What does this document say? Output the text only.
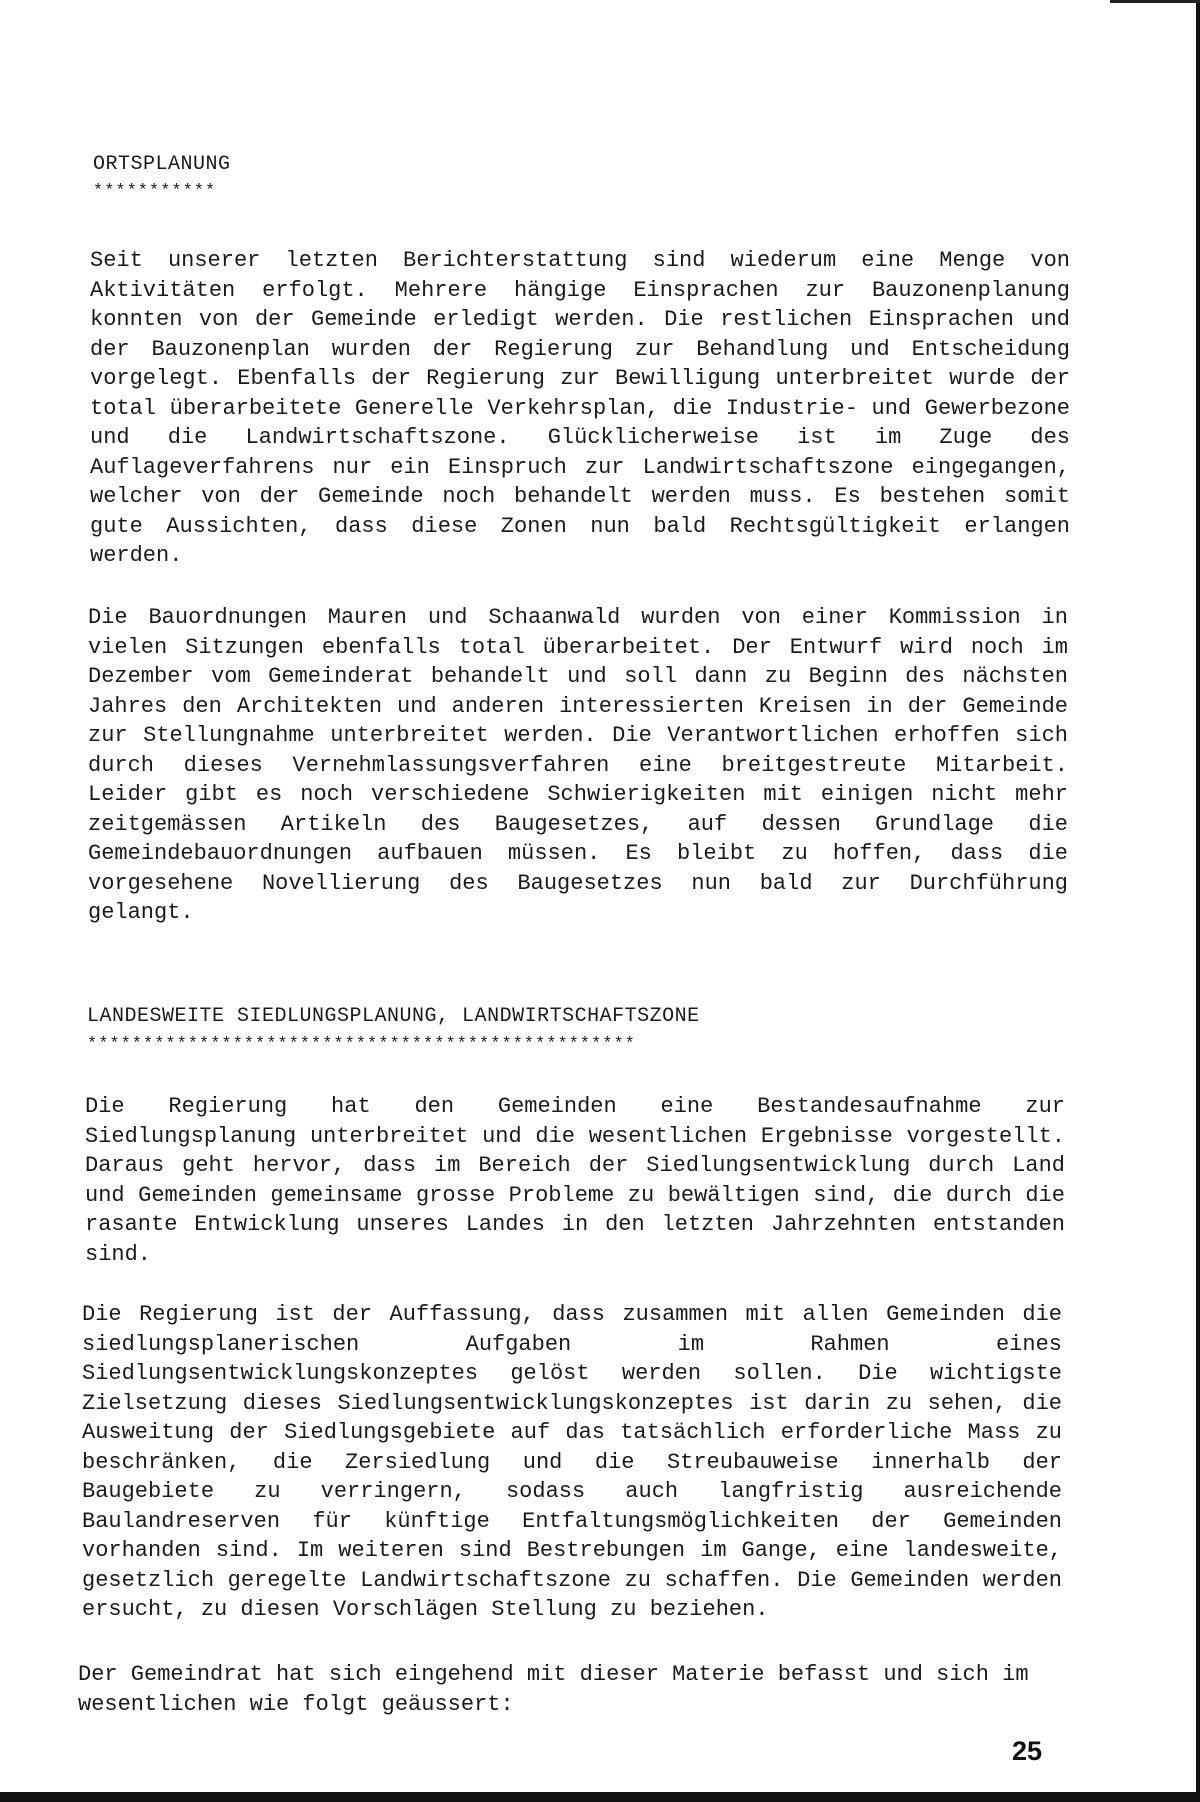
ORTSPLANUNG
***********

Seit unserer letzten Berichterstattung sind wiederum eine Menge von Aktivitäten erfolgt. Mehrere hängige Einsprachen zur Bauzonenplanung konnten von der Gemeinde erledigt werden. Die restlichen Einsprachen und der Bauzonenplan wurden der Regierung zur Behandlung und Entscheidung vorgelegt. Ebenfalls der Regierung zur Bewilligung unterbreitet wurde der total überarbeitete Generelle Verkehrsplan, die Industrie- und Gewerbezone und die Landwirtschaftszone. Glücklicherweise ist im Zuge des Auflageverfahrens nur ein Einspruch zur Landwirtschaftszone eingegangen, welcher von der Gemeinde noch behandelt werden muss. Es bestehen somit gute Aussichten, dass diese Zonen nun bald Rechtsgültigkeit erlangen werden.

Die Bauordnungen Mauren und Schaanwald wurden von einer Kommission in vielen Sitzungen ebenfalls total überarbeitet. Der Entwurf wird noch im Dezember vom Gemeinderat behandelt und soll dann zu Beginn des nächsten Jahres den Architekten und anderen interessierten Kreisen in der Gemeinde zur Stellungnahme unterbreitet werden. Die Verantwortlichen erhoffen sich durch dieses Vernehmlassungsverfahren eine breitgestreute Mitarbeit. Leider gibt es noch verschiedene Schwierigkeiten mit einigen nicht mehr zeitgemässen Artikeln des Baugesetzes, auf dessen Grundlage die Gemeindebauordnungen aufbauen müssen. Es bleibt zu hoffen, dass die vorgesehene Novellierung des Baugesetzes nun bald zur Durchführung gelangt.

LANDESWEITE SIEDLUNGSPLANUNG, LANDWIRTSCHAFTSZONE
*************************************************

Die Regierung hat den Gemeinden eine Bestandesaufnahme zur Siedlungsplanung unterbreitet und die wesentlichen Ergebnisse vorgestellt. Daraus geht hervor, dass im Bereich der Siedlungsentwicklung durch Land und Gemeinden gemeinsame grosse Probleme zu bewältigen sind, die durch die rasante Entwicklung unseres Landes in den letzten Jahrzehnten entstanden sind.

Die Regierung ist der Auffassung, dass zusammen mit allen Gemeinden die siedlungsplanerischen Aufgaben im Rahmen eines Siedlungsentwicklungskonzeptes gelöst werden sollen. Die wichtigste Zielsetzung dieses Siedlungsentwicklungskonzeptes ist darin zu sehen, die Ausweitung der Siedlungsgebiete auf das tatsächlich erforderliche Mass zu beschränken, die Zersiedlung und die Streubauweise innerhalb der Baugebiete zu verringern, sodass auch langfristig ausreichende Baulandreserven für künftige Entfaltungsmöglichkeiten der Gemeinden vorhanden sind. Im weiteren sind Bestrebungen im Gange, eine landesweite, gesetzlich geregelte Landwirtschaftszone zu schaffen. Die Gemeinden werden ersucht, zu diesen Vorschlägen Stellung zu beziehen.

Der Gemeindrat hat sich eingehend mit dieser Materie befasst und sich im wesentlichen wie folgt geäussert:

25
